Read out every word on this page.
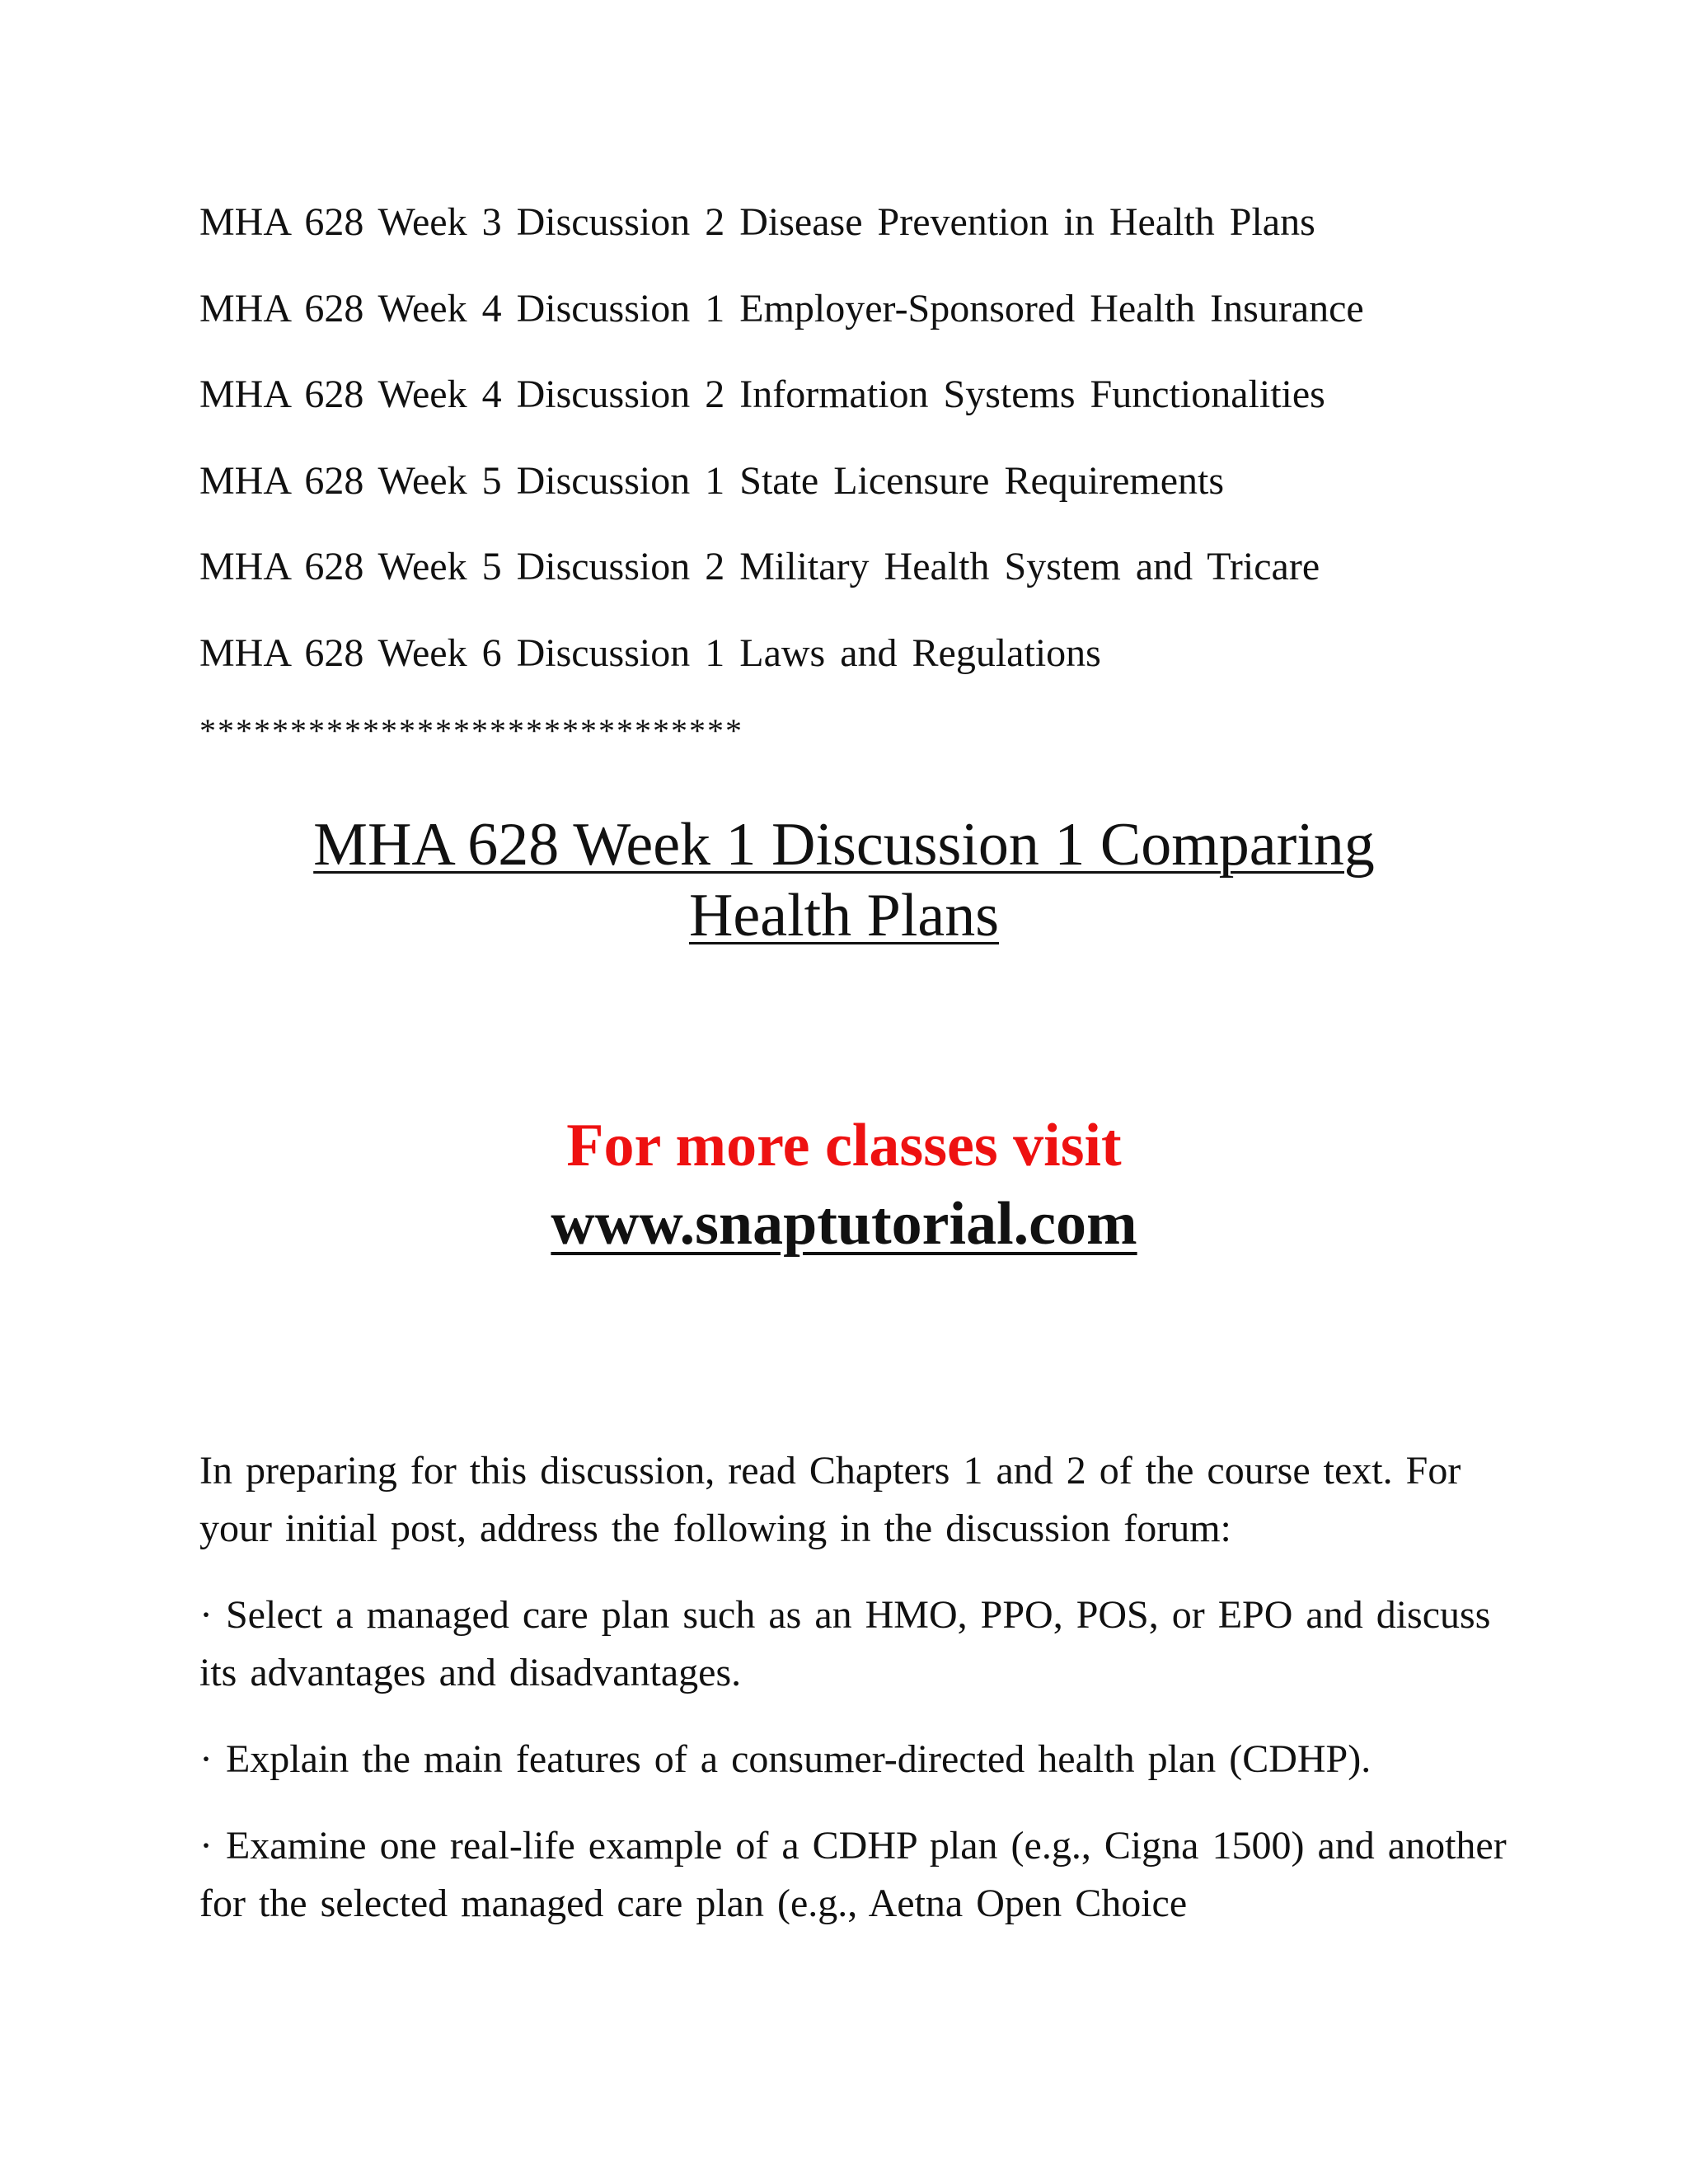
MHA 628 Week 3 Discussion 2 Disease Prevention in Health Plans
MHA 628 Week 4 Discussion 1 Employer-Sponsored Health Insurance
MHA 628 Week 4 Discussion 2 Information Systems Functionalities
MHA 628 Week 5 Discussion 1 State Licensure Requirements
MHA 628 Week 5 Discussion 2 Military Health System and Tricare
MHA 628 Week 6 Discussion 1 Laws and Regulations
******************************
MHA 628 Week 1 Discussion 1 Comparing
Health Plans
For more classes visit
www.snaptutorial.com
In preparing for this discussion, read Chapters 1 and 2 of the course text. For your initial post, address the following in the discussion forum:
· Select a managed care plan such as an HMO, PPO, POS, or EPO and discuss its advantages and disadvantages.
· Explain the main features of a consumer-directed health plan (CDHP).
· Examine one real-life example of a CDHP plan (e.g., Cigna 1500) and another for the selected managed care plan (e.g., Aetna Open Choice
